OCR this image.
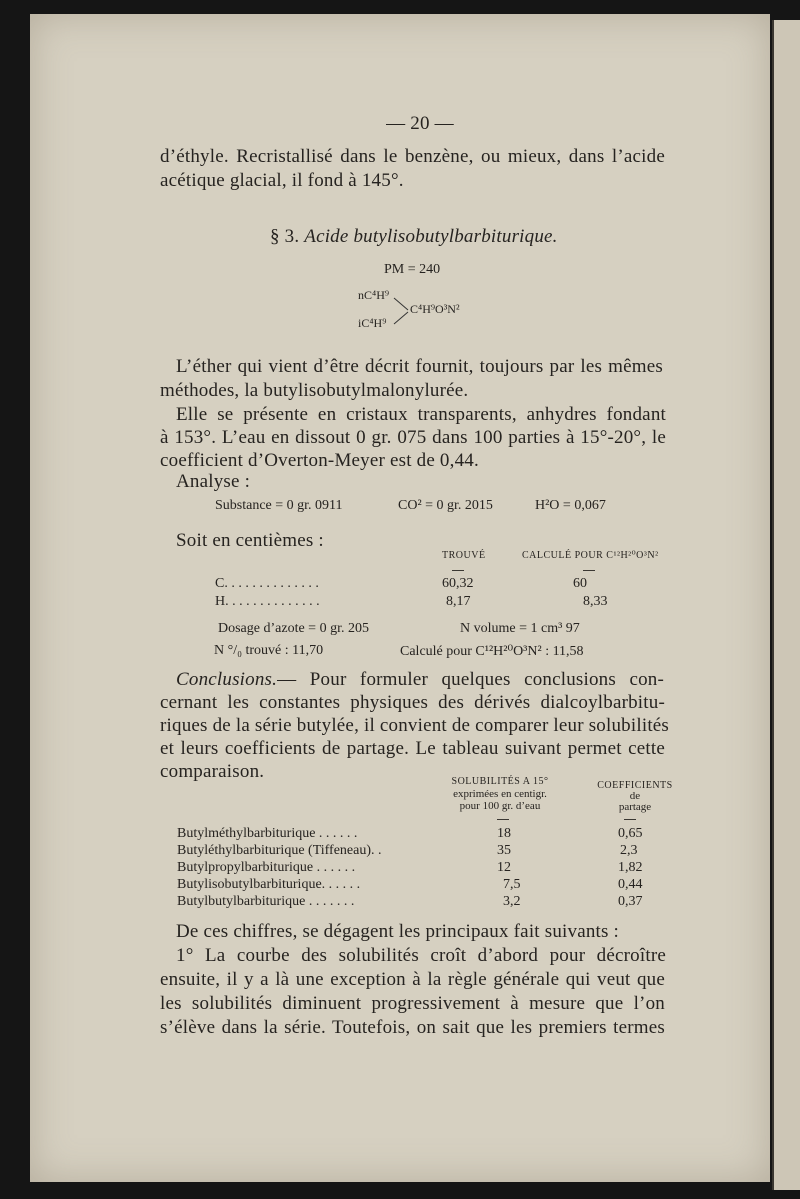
— 20 —
d’éthyle. Recristallisé dans le benzène, ou mieux, dans l’acide
acétique glacial, il fond à 145°.
§ 3. Acide butylisobutylbarbiturique.
PM = 240
nC⁴H⁹
iC⁴H⁹
C⁴H⁹O³N²
L’éther qui vient d’être décrit fournit, toujours par les mêmes
méthodes, la butylisobutylmalonylurée.
Elle se présente en cristaux transparents, anhydres fondant
à 153°. L’eau en dissout 0 gr. 075 dans 100 parties à 15°-20°, le
coefficient d’Overton-Meyer est de 0,44.
Analyse :
Substance = 0 gr. 0911	CO² = 0 gr. 2015	H²O = 0,067
Soit en centièmes :
TROUVÉ	CALCULÉ POUR C¹²H²⁰O³N²
C. . . . . . . . . . . . . .	60,32	60
H. . . . . . . . . . . . . .	8,17	8,33
Dosage d’azote = 0 gr. 205	N volume = 1 cm³ 97
N °/₀ trouvé : 11,70	Calculé pour C¹²H²⁰O³N² : 11,58
Conclusions. — Pour formuler quelques conclusions con-
cernant les constantes physiques des dérivés dialcoylbarbitu-
riques de la série butylée, il convient de comparer leur solubilités
et leurs coefficients de partage. Le tableau suivant permet cette
comparaison.	SOLUBILITÉS A 15°
exprimées en centigr.
pour 100 gr. d’eau
COEFFICIENTS
de
partage
Butylméthylbarbiturique . . . . . .	18	0,65
Butyléthylbarbiturique (Tiffeneau). .	35	2,3
Butylpropylbarbiturique . . . . . .	12	1,82
Butylisobutylbarbiturique. . . . . .	7,5	0,44
Butylbutylbarbiturique . . . . . . .	3,2	0,37
De ces chiffres, se dégagent les principaux fait suivants :
1° La courbe des solubilités croît d’abord pour décroître
ensuite, il y a là une exception à la règle générale qui veut que
les solubilités diminuent progressivement à mesure que l’on
s’élève dans la série. Toutefois, on sait que les premiers termes
